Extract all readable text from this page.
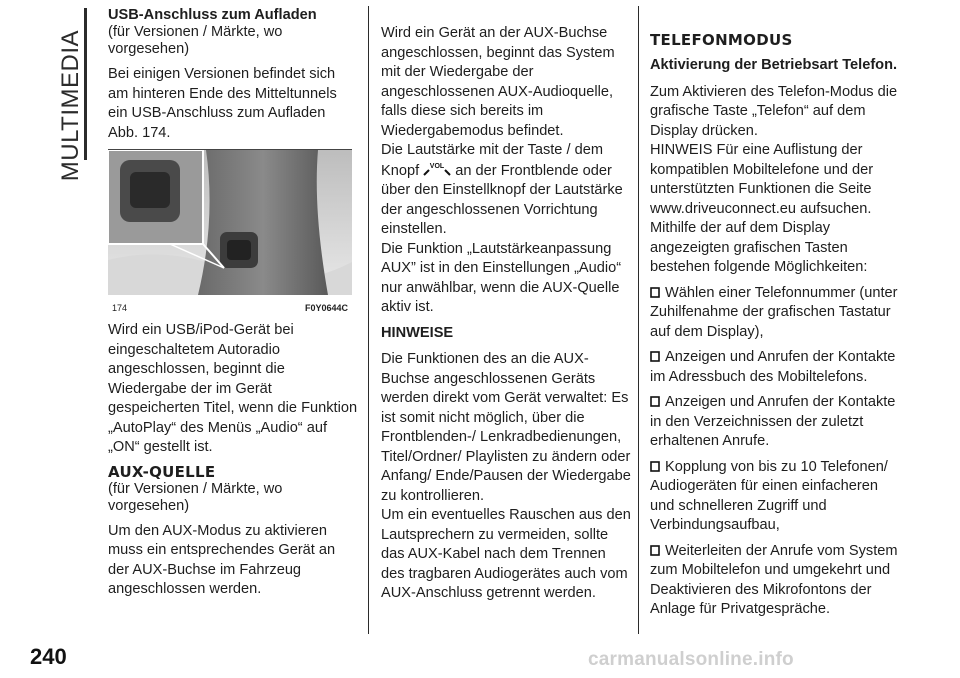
MULTIMEDIA
USB-Anschluss zum Aufladen
(für Versionen / Märkte, wo vorgesehen)

Bei einigen Versionen befindet sich am hinteren Ende des Mitteltunnels ein USB-Anschluss zum Aufladen Abb. 174.

174	F0Y0644C

Wird ein USB/iPod-Gerät bei eingeschaltetem Autoradio angeschlossen, beginnt die Wiedergabe der im Gerät gespeicherten Titel, wenn die Funktion „AutoPlay“ des Menüs „Audio“ auf „ON“ gestellt ist.

AUX-QUELLE
(für Versionen / Märkte, wo vorgesehen)

Um den AUX-Modus zu aktivieren muss ein entsprechendes Gerät an der AUX-Buchse im Fahrzeug angeschlossen werden.

Wird ein Gerät an der AUX-Buchse angeschlossen, beginnt das System mit der Wiedergabe der angeschlossenen AUX-Audioquelle, falls diese sich bereits im Wiedergabemodus befindet.

Die Lautstärke mit der Taste / dem Knopf VOL an der Frontblende oder über den Einstellknopf der Lautstärke der angeschlossenen Vorrichtung einstellen.

Die Funktion „Lautstärkeanpassung AUX” ist in den Einstellungen „Audio“ nur anwählbar, wenn die AUX-Quelle aktiv ist.

HINWEISE

Die Funktionen des an die AUX-Buchse angeschlossenen Geräts werden direkt vom Gerät verwaltet: Es ist somit nicht möglich, über die Frontblenden-/ Lenkradbedienungen, Titel/Ordner/ Playlisten zu ändern oder Anfang/ Ende/Pausen der Wiedergabe zu kontrollieren.

Um ein eventuelles Rauschen aus den Lautsprechern zu vermeiden, sollte das AUX-Kabel nach dem Trennen des tragbaren Audiogerätes auch vom AUX-Anschluss getrennt werden.

TELEFONMODUS
Aktivierung der Betriebsart Telefon.

Zum Aktivieren des Telefon-Modus die grafische Taste „Telefon“ auf dem Display drücken.

HINWEIS Für eine Auflistung der kompatiblen Mobiltelefone und der unterstützten Funktionen die Seite www.driveuconnect.eu aufsuchen.

Mithilfe der auf dem Display angezeigten grafischen Tasten bestehen folgende Möglichkeiten:

Wählen einer Telefonnummer (unter Zuhilfenahme der grafischen Tastatur auf dem Display),

Anzeigen und Anrufen der Kontakte im Adressbuch des Mobiltelefons.

Anzeigen und Anrufen der Kontakte in den Verzeichnissen der zuletzt erhaltenen Anrufe.

Kopplung von bis zu 10 Telefonen/ Audiogeräten für einen einfacheren und schnelleren Zugriff und Verbindungsaufbau,

Weiterleiten der Anrufe vom System zum Mobiltelefon und umgekehrt und Deaktivieren des Mikrofontons der Anlage für Privatgespräche.

240	carmanualsonline.info
